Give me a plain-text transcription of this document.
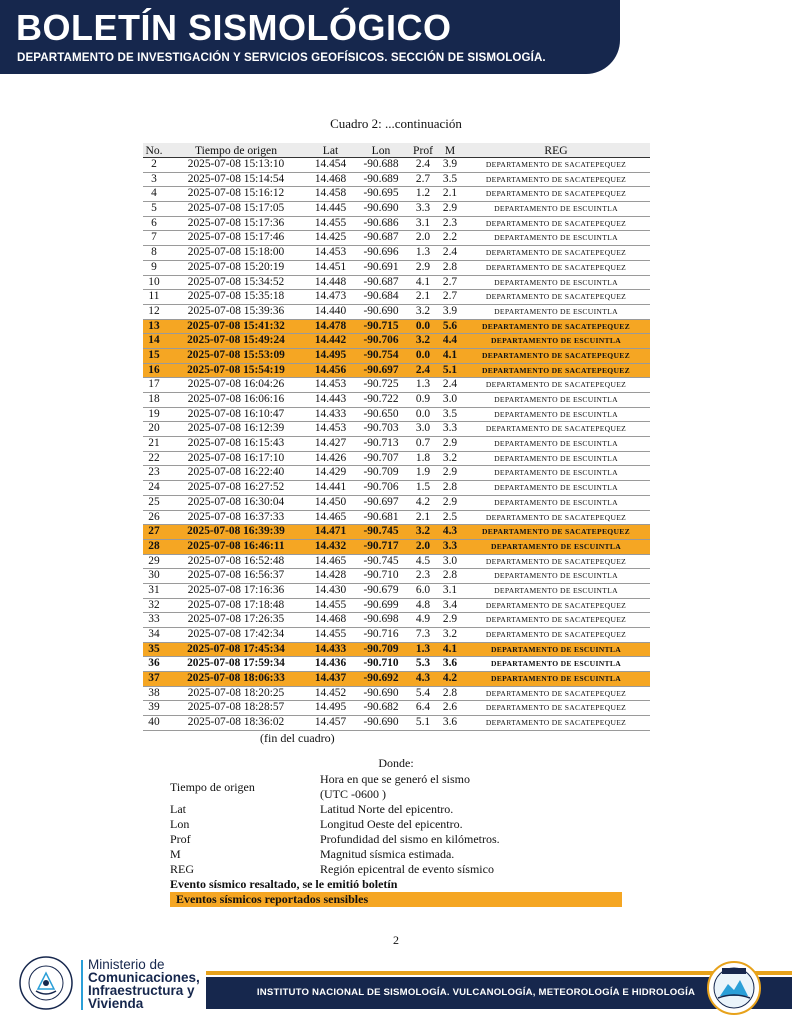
BOLETÍN SISMOLÓGICO
DEPARTAMENTO DE INVESTIGACIÓN Y SERVICIOS GEOFÍSICOS. SECCIÓN DE SISMOLOGÍA.
Cuadro 2: ...continuación
No.	Tiempo de origen	Lat	Lon	Prof	M	REG
2	2025-07-08 15:13:10	14.454	-90.688	2.4	3.9	DEPARTAMENTO DE SACATEPEQUEZ
3	2025-07-08 15:14:54	14.468	-90.689	2.7	3.5	DEPARTAMENTO DE SACATEPEQUEZ
4	2025-07-08 15:16:12	14.458	-90.695	1.2	2.1	DEPARTAMENTO DE SACATEPEQUEZ
5	2025-07-08 15:17:05	14.445	-90.690	3.3	2.9	DEPARTAMENTO DE ESCUINTLA
6	2025-07-08 15:17:36	14.455	-90.686	3.1	2.3	DEPARTAMENTO DE SACATEPEQUEZ
7	2025-07-08 15:17:46	14.425	-90.687	2.0	2.2	DEPARTAMENTO DE ESCUINTLA
8	2025-07-08 15:18:00	14.453	-90.696	1.3	2.4	DEPARTAMENTO DE SACATEPEQUEZ
9	2025-07-08 15:20:19	14.451	-90.691	2.9	2.8	DEPARTAMENTO DE SACATEPEQUEZ
10	2025-07-08 15:34:52	14.448	-90.687	4.1	2.7	DEPARTAMENTO DE ESCUINTLA
11	2025-07-08 15:35:18	14.473	-90.684	2.1	2.7	DEPARTAMENTO DE SACATEPEQUEZ
12	2025-07-08 15:39:36	14.440	-90.690	3.2	3.9	DEPARTAMENTO DE ESCUINTLA
13	2025-07-08 15:41:32	14.478	-90.715	0.0	5.6	DEPARTAMENTO DE SACATEPEQUEZ
14	2025-07-08 15:49:24	14.442	-90.706	3.2	4.4	DEPARTAMENTO DE ESCUINTLA
15	2025-07-08 15:53:09	14.495	-90.754	0.0	4.1	DEPARTAMENTO DE SACATEPEQUEZ
16	2025-07-08 15:54:19	14.456	-90.697	2.4	5.1	DEPARTAMENTO DE SACATEPEQUEZ
17	2025-07-08 16:04:26	14.453	-90.725	1.3	2.4	DEPARTAMENTO DE SACATEPEQUEZ
18	2025-07-08 16:06:16	14.443	-90.722	0.9	3.0	DEPARTAMENTO DE ESCUINTLA
19	2025-07-08 16:10:47	14.433	-90.650	0.0	3.5	DEPARTAMENTO DE ESCUINTLA
20	2025-07-08 16:12:39	14.453	-90.703	3.0	3.3	DEPARTAMENTO DE SACATEPEQUEZ
21	2025-07-08 16:15:43	14.427	-90.713	0.7	2.9	DEPARTAMENTO DE ESCUINTLA
22	2025-07-08 16:17:10	14.426	-90.707	1.8	3.2	DEPARTAMENTO DE ESCUINTLA
23	2025-07-08 16:22:40	14.429	-90.709	1.9	2.9	DEPARTAMENTO DE ESCUINTLA
24	2025-07-08 16:27:52	14.441	-90.706	1.5	2.8	DEPARTAMENTO DE ESCUINTLA
25	2025-07-08 16:30:04	14.450	-90.697	4.2	2.9	DEPARTAMENTO DE ESCUINTLA
26	2025-07-08 16:37:33	14.465	-90.681	2.1	2.5	DEPARTAMENTO DE SACATEPEQUEZ
27	2025-07-08 16:39:39	14.471	-90.745	3.2	4.3	DEPARTAMENTO DE SACATEPEQUEZ
28	2025-07-08 16:46:11	14.432	-90.717	2.0	3.3	DEPARTAMENTO DE ESCUINTLA
29	2025-07-08 16:52:48	14.465	-90.745	4.5	3.0	DEPARTAMENTO DE SACATEPEQUEZ
30	2025-07-08 16:56:37	14.428	-90.710	2.3	2.8	DEPARTAMENTO DE ESCUINTLA
31	2025-07-08 17:16:36	14.430	-90.679	6.0	3.1	DEPARTAMENTO DE ESCUINTLA
32	2025-07-08 17:18:48	14.455	-90.699	4.8	3.4	DEPARTAMENTO DE SACATEPEQUEZ
33	2025-07-08 17:26:35	14.468	-90.698	4.9	2.9	DEPARTAMENTO DE SACATEPEQUEZ
34	2025-07-08 17:42:34	14.455	-90.716	7.3	3.2	DEPARTAMENTO DE SACATEPEQUEZ
35	2025-07-08 17:45:34	14.433	-90.709	1.3	4.1	DEPARTAMENTO DE ESCUINTLA
36	2025-07-08 17:59:34	14.436	-90.710	5.3	3.6	DEPARTAMENTO DE ESCUINTLA
37	2025-07-08 18:06:33	14.437	-90.692	4.3	4.2	DEPARTAMENTO DE ESCUINTLA
38	2025-07-08 18:20:25	14.452	-90.690	5.4	2.8	DEPARTAMENTO DE SACATEPEQUEZ
39	2025-07-08 18:28:57	14.495	-90.682	6.4	2.6	DEPARTAMENTO DE SACATEPEQUEZ
40	2025-07-08 18:36:02	14.457	-90.690	5.1	3.6	DEPARTAMENTO DE SACATEPEQUEZ
(fin del cuadro)
Donde:
Tiempo de origen
Hora en que se generó el sismo
(UTC -0600 )
Lat	Latitud Norte del epicentro.
Lon	Longitud Oeste del epicentro.
Prof	Profundidad del sismo en kilómetros.
M	Magnitud sísmica estimada.
REG	Región epicentral de evento sísmico
Evento sísmico resaltado, se le emitió boletín
Eventos sísmicos reportados sensibles
2
Ministerio de
Comunicaciones,
Infraestructura y
Vivienda
INSTITUTO NACIONAL DE SISMOLOGÍA. VULCANOLOGÍA, METEOROLOGÍA E HIDROLOGÍA
